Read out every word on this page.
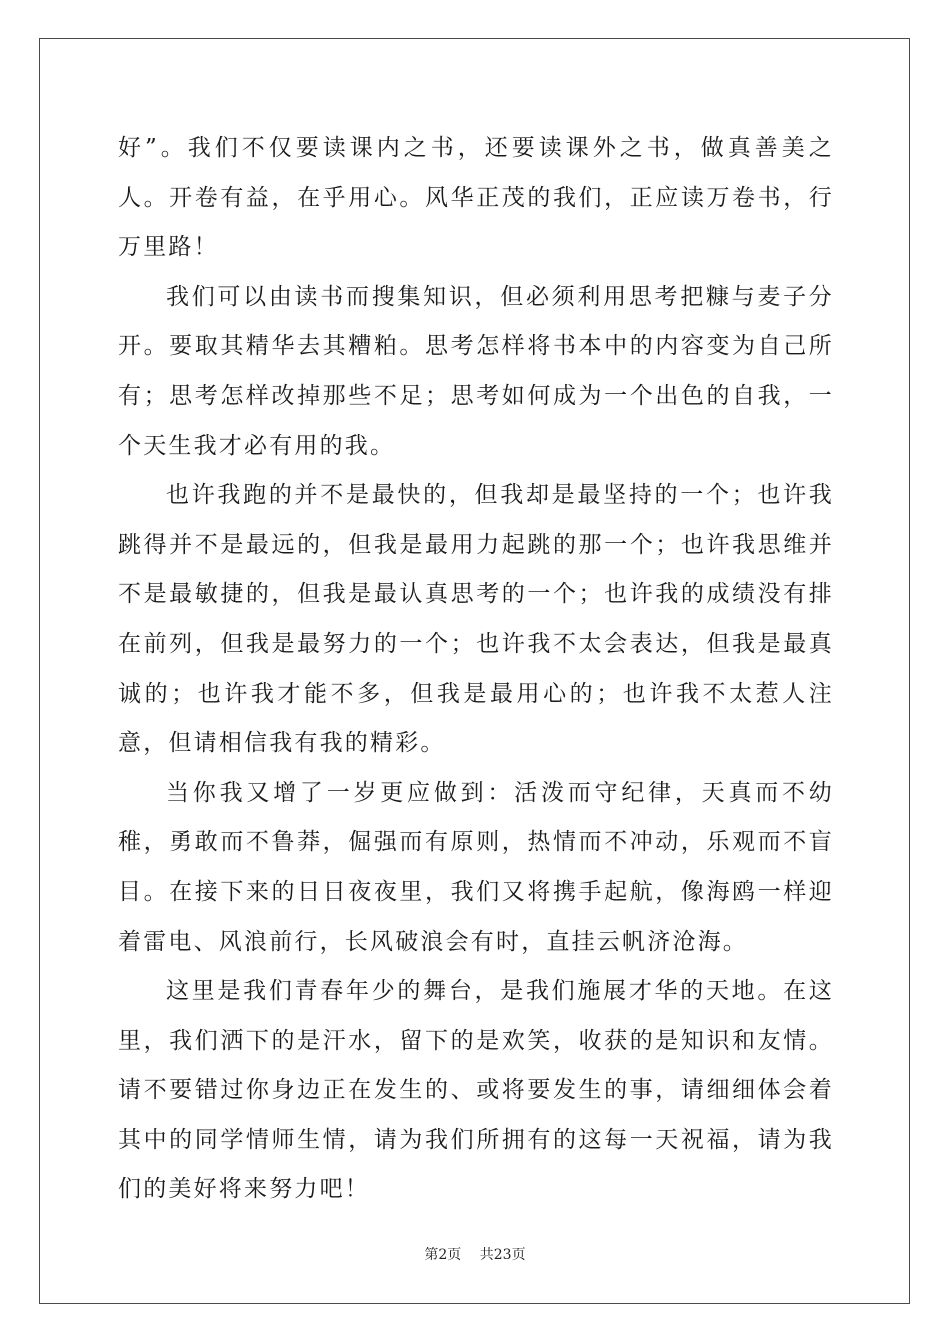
好”。我们不仅要读课内之书，还要读课外之书，做真善美之人。开卷有益，在乎用心。风华正茂的我们，正应读万卷书，行万里路！

我们可以由读书而搜集知识，但必须利用思考把糠与麦子分开。要取其精华去其糟粕。思考怎样将书本中的内容变为自己所有；思考怎样改掉那些不足；思考如何成为一个出色的自我，一个天生我才必有用的我。

也许我跑的并不是最快的，但我却是最坚持的一个；也许我跳得并不是最远的，但我是最用力起跳的那一个；也许我思维并不是最敏捷的，但我是最认真思考的一个；也许我的成绩没有排在前列，但我是最努力的一个；也许我不太会表达，但我是最真诚的；也许我才能不多，但我是最用心的；也许我不太惹人注意，但请相信我有我的精彩。

当你我又增了一岁更应做到：活泼而守纪律，天真而不幼稚，勇敢而不鲁莽，倔强而有原则，热情而不冲动，乐观而不盲目。在接下来的日日夜夜里，我们又将携手起航，像海鸥一样迎着雷电、风浪前行，长风破浪会有时，直挂云帆济沧海。

这里是我们青春年少的舞台，是我们施展才华的天地。在这里，我们洒下的是汗水，留下的是欢笑，收获的是知识和友情。请不要错过你身边正在发生的、或将要发生的事，请细细体会着其中的同学情师生情，请为我们所拥有的这每一天祝福，请为我们的美好将来努力吧！

第2页 共23页
